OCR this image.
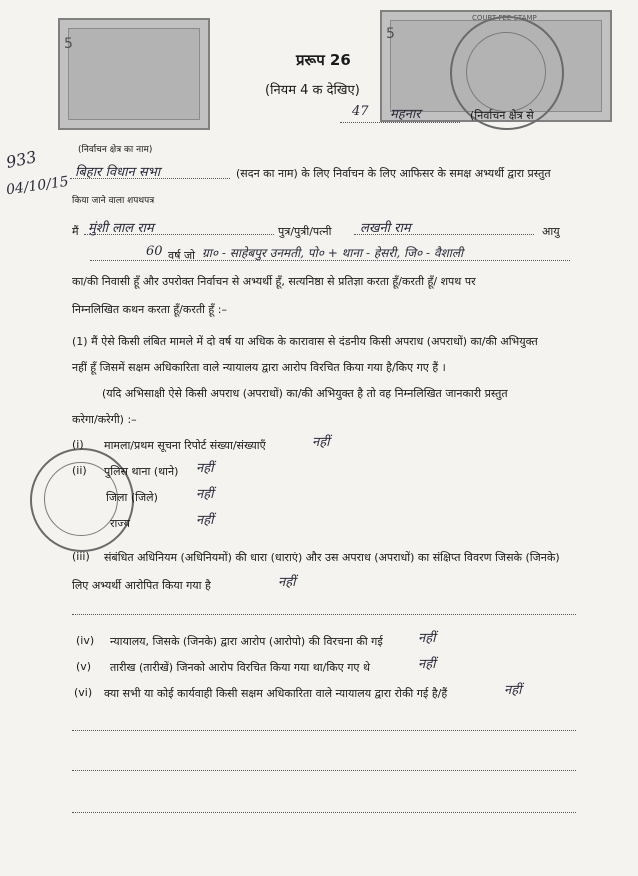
5
COURT FEE STAMP
5
प्ररूप 26
(नियम 4 क देखिए)
47 महनार	(निर्वाचन क्षेत्र से
933
04/10/15
(निर्वाचन क्षेत्र का नाम)
बिहार विधान सभा	(सदन का नाम) के लिए निर्वाचन के लिए आफिसर के समक्ष अभ्यर्थी द्वारा प्रस्तुत
किया जाने वाला शपथपत्र
मैं मुंशी लाल राम	पुत्र/पुत्री/पत्नी लखनी राम	आयु
60 वर्ष जो ग्रा० - साहेबपुर उनमती, पो० + थाना - हेसरी, जि० - वैशाली
का/की निवासी हूँ और उपरोक्त निर्वाचन से अभ्यर्थी हूँ, सत्यनिष्ठा से प्रतिज्ञा करता हूँ/करती हूँ/ शपथ पर
निम्नलिखित कथन करता हूँ/करती हूँ :–
(1) मैं ऐसे किसी लंबित मामले में दो वर्ष या अधिक के कारावास से दंडनीय किसी अपराध (अपराधों) का/की अभियुक्त
नहीं हूँ जिसमें सक्षम अधिकारिता वाले न्यायालय द्वारा आरोप विरचित किया गया है/किए गए हैं ।
(यदि अभिसाक्षी ऐसे किसी अपराध (अपराधों) का/की अभियुक्त है तो वह निम्नलिखित जानकारी प्रस्तुत
करेगा/करेगी) :–
(i) मामला/प्रथम सूचना रिपोर्ट संख्या/संख्याएँ	नहीं
(ii) पुलिस थाना (थाने) नहीं
जिला (जिले)	नहीं
राज्य	नहीं
(iii) संबंधित अधिनियम (अधिनियमों) की धारा (धाराएं) और उस अपराध (अपराधों) का संक्षिप्त विवरण जिसके (जिनके)
लिए अभ्यर्थी आरोपित किया गया है	नहीं
(iv) न्यायालय, जिसके (जिनके) द्वारा आरोप (आरोपो) की विरचना की गई	नहीं
(v) तारीख (तारीखें) जिनको आरोप विरचित किया गया था/किए गए थे	नहीं
(vi) क्या सभी या कोई कार्यवाही किसी सक्षम अधिकारिता वाले न्यायालय द्वारा रोकी गई है/हैं	नहीं
